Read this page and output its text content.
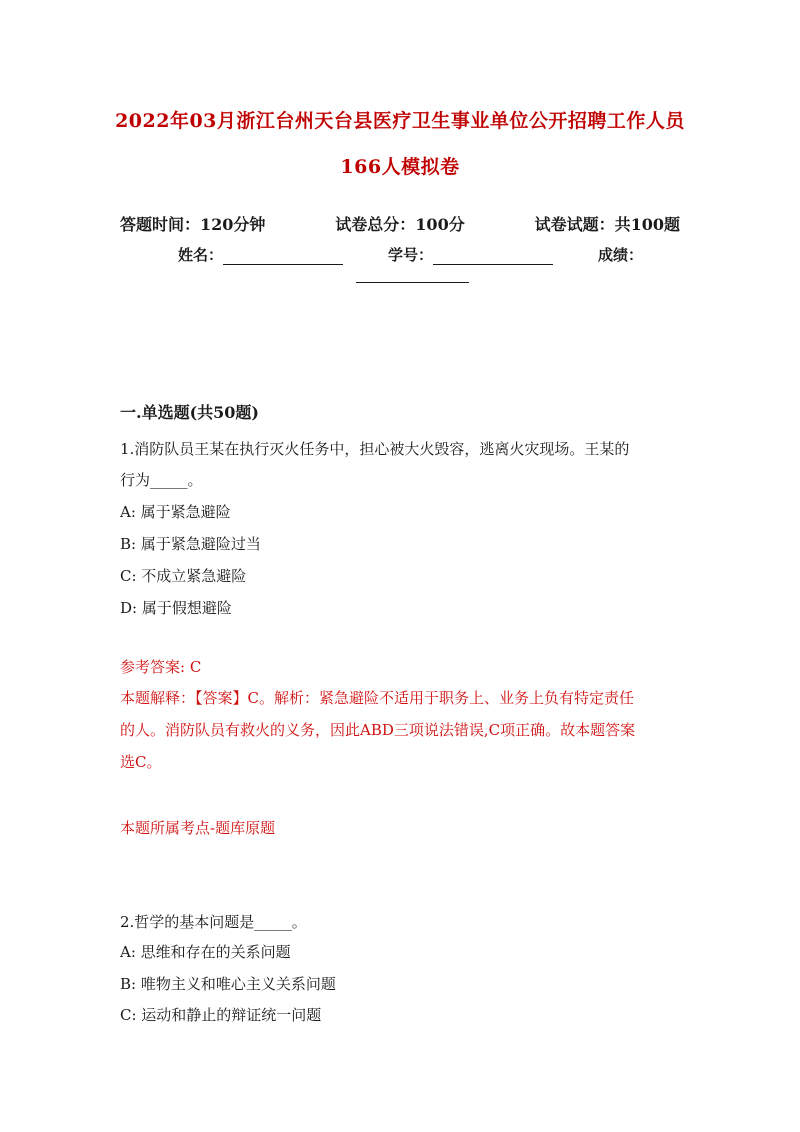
2022年03月浙江台州天台县医疗卫生事业单位公开招聘工作人员
166人模拟卷
答题时间：120分钟	试卷总分：100分	试卷试题：共100题
姓名：	学号：	成绩：
一.单选题(共50题)
1.消防队员王某在执行灭火任务中，担心被大火毁容，逃离火灾现场。王某的
行为_____。
A: 属于紧急避险
B: 属于紧急避险过当
C: 不成立紧急避险
D: 属于假想避险
参考答案: C
本题解释：【答案】C。解析：紧急避险不适用于职务上、业务上负有特定责任
的人。消防队员有救火的义务，因此ABD三项说法错误,C项正确。故本题答案
选C。
本题所属考点-题库原题
2.哲学的基本问题是_____。
A: 思维和存在的关系问题
B: 唯物主义和唯心主义关系问题
C: 运动和静止的辩证统一问题
